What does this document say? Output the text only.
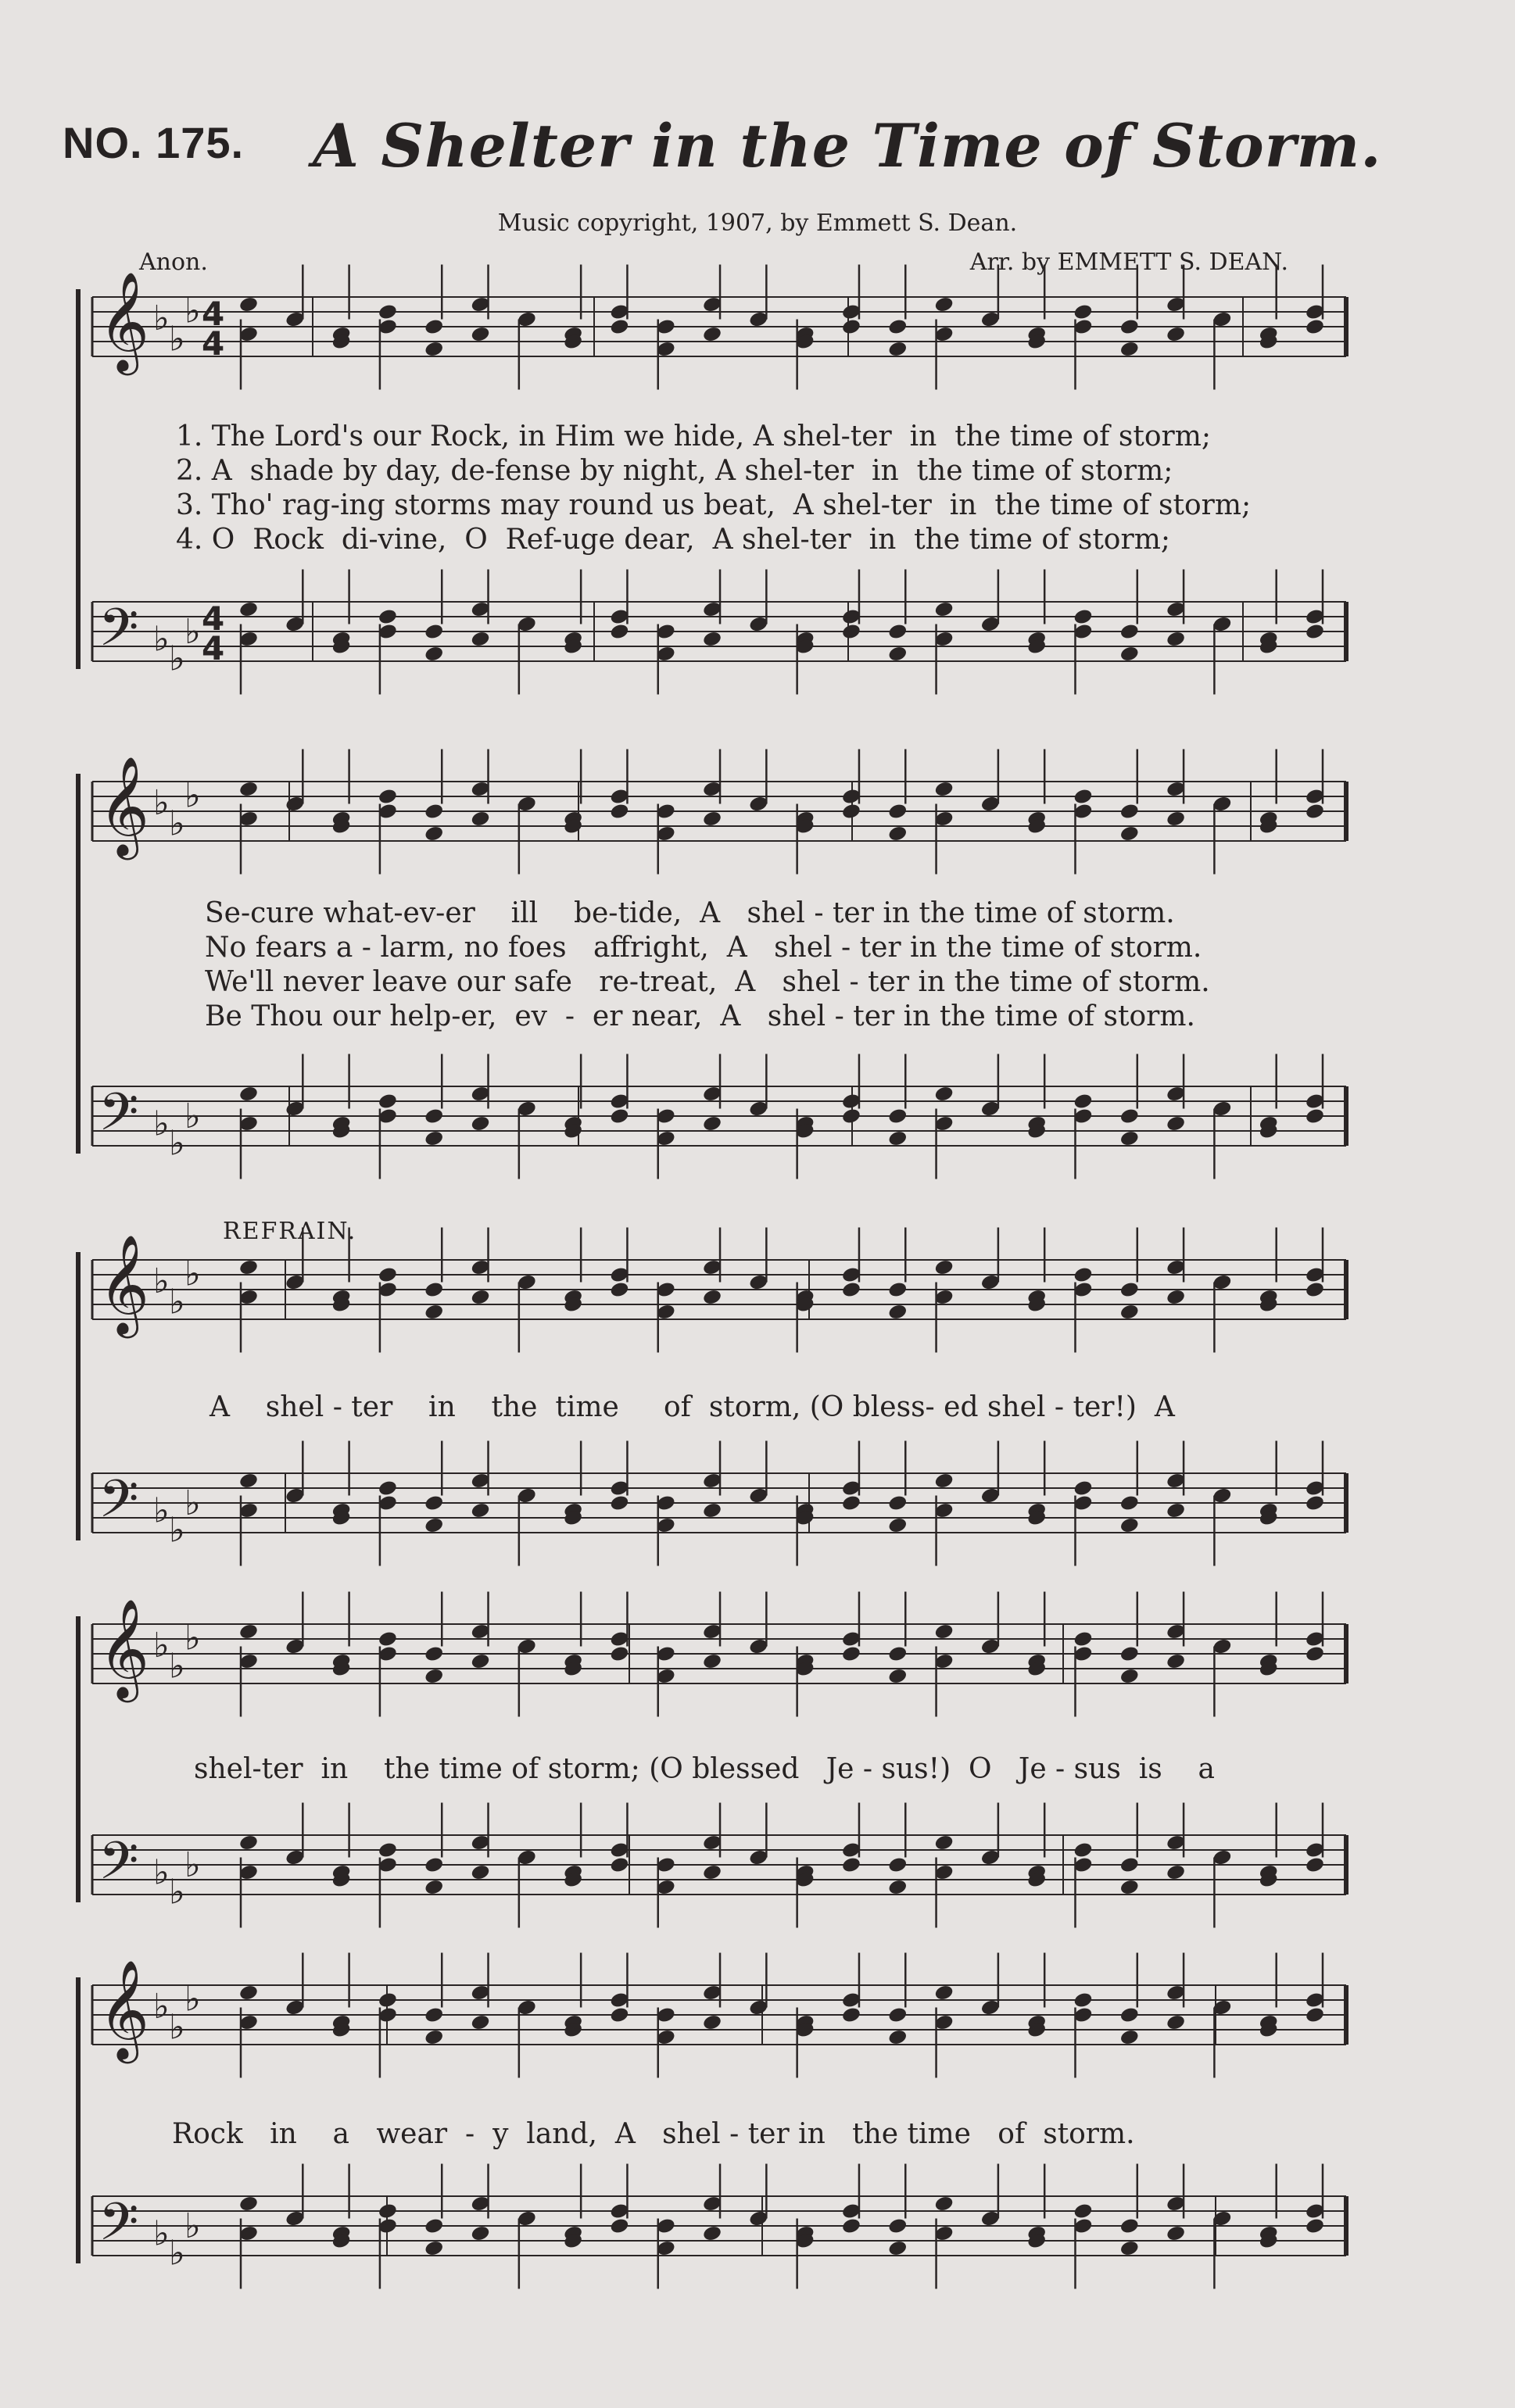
NO. 175. A Shelter in the Time of Storm.
Music copyright, 1907, by Emmett S. Dean.
Anon.	Arr. by EMMETT S. DEAN.
𝄞 ♭
♭
♭ 4
4
𝄢 ♭ ♭
♭ 4
4
𝄞 ♭
♭
♭
𝄢 ♭ ♭
♭
𝄞 ♭
♭
♭
𝄢 ♭ ♭
♭
𝄞 ♭
♭
♭
𝄢 ♭ ♭
♭
𝄞 ♭
♭
♭
𝄢 ♭ ♭
♭
1. The Lord's our Rock, in Him we hide, A shel-ter  in  the time of storm;
2. A  shade by day, de-fense by night, A shel-ter  in  the time of storm;
3. Tho' rag-ing storms may round us beat,  A shel-ter  in  the time of storm;
4. O  Rock  di-vine,  O  Ref-uge dear,  A shel-ter  in  the time of storm;
Se-cure what-ev-er    ill    be-tide,  A   shel - ter in the time of storm.
No fears a - larm, no foes   affright,  A   shel - ter in the time of storm.
We'll never leave our safe   re-treat,  A   shel - ter in the time of storm.
Be Thou our help-er,  ev  -  er near,  A   shel - ter in the time of storm.
REFRAIN.
A    shel - ter    in    the  time     of  storm, (O bless- ed shel - ter!)  A
shel-ter  in    the time of storm; (O blessed   Je - sus!)  O   Je - sus  is    a
Rock   in    a   wear  -  y  land,  A   shel - ter in   the time   of  storm.
